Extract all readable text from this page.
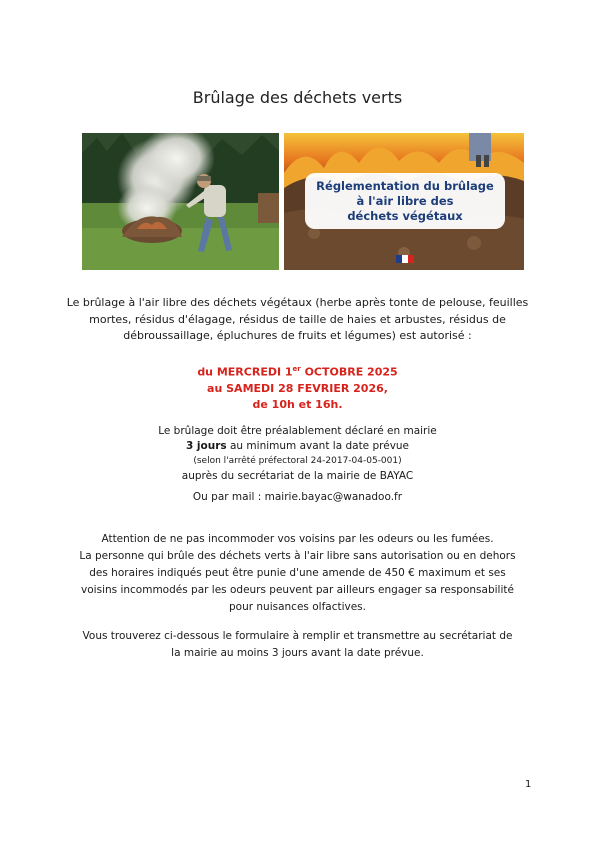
Brûlage des déchets verts
Réglementation du brûlage
à l'air libre des
déchets végétaux
Le brûlage à l'air libre des déchets végétaux (herbe après tonte de pelouse, feuilles
mortes, résidus d'élagage, résidus de taille de haies et arbustes, résidus de
débroussaillage, épluchures de fruits et légumes) est autorisé :
du MERCREDI 1er OCTOBRE 2025
au SAMEDI 28 FEVRIER 2026,
de 10h et 16h.
Le brûlage doit être préalablement déclaré en mairie
3 jours au minimum avant la date prévue
(selon l'arrêté préfectoral 24-2017-04-05-001)
auprès du secrétariat de la mairie de BAYAC
Ou par mail : mairie.bayac@wanadoo.fr
Attention de ne pas incommoder vos voisins par les odeurs ou les fumées.
La personne qui brûle des déchets verts à l'air libre sans autorisation ou en dehors
des horaires indiqués peut être punie d'une amende de 450 € maximum et ses
voisins incommodés par les odeurs peuvent par ailleurs engager sa responsabilité
pour nuisances olfactives.
Vous trouverez ci-dessous le formulaire à remplir et transmettre au secrétariat de
la mairie au moins 3 jours avant la date prévue.
1
